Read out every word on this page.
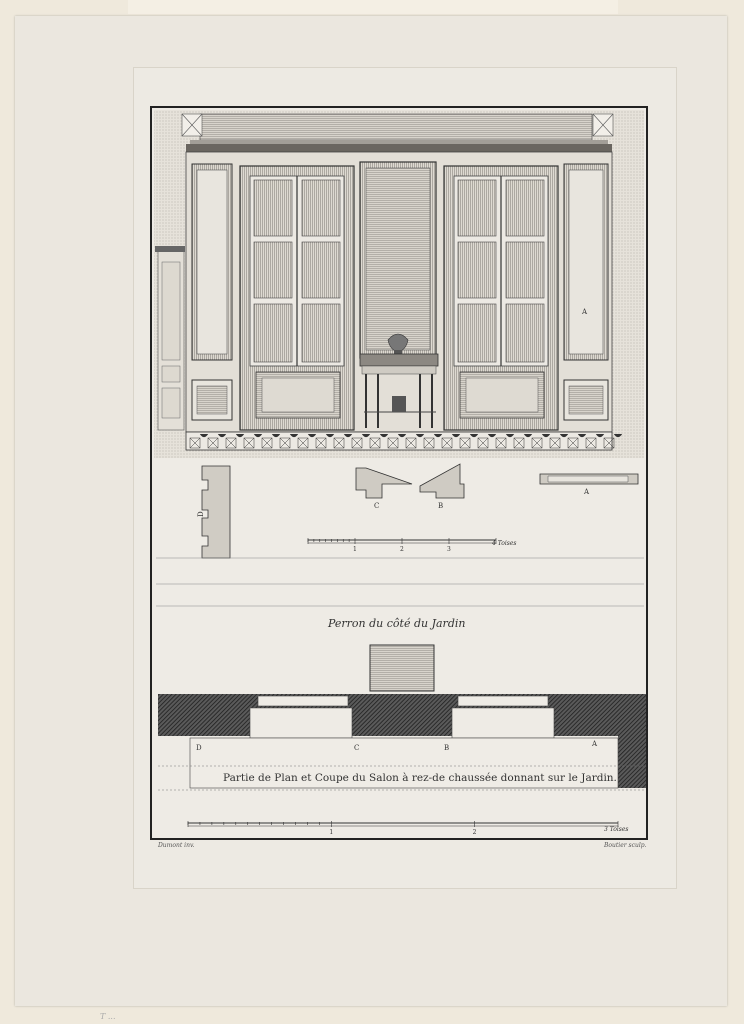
A
1	2	3
D	C	B	A
D
C	B
A
1	2
Perron du côté du Jardin
Partie de Plan et Coupe du Salon à rez-de chaussée donnant sur le Jardin.
Dumont inv.	Boutier sculp.
4 Toises
3 Toises
T ...
